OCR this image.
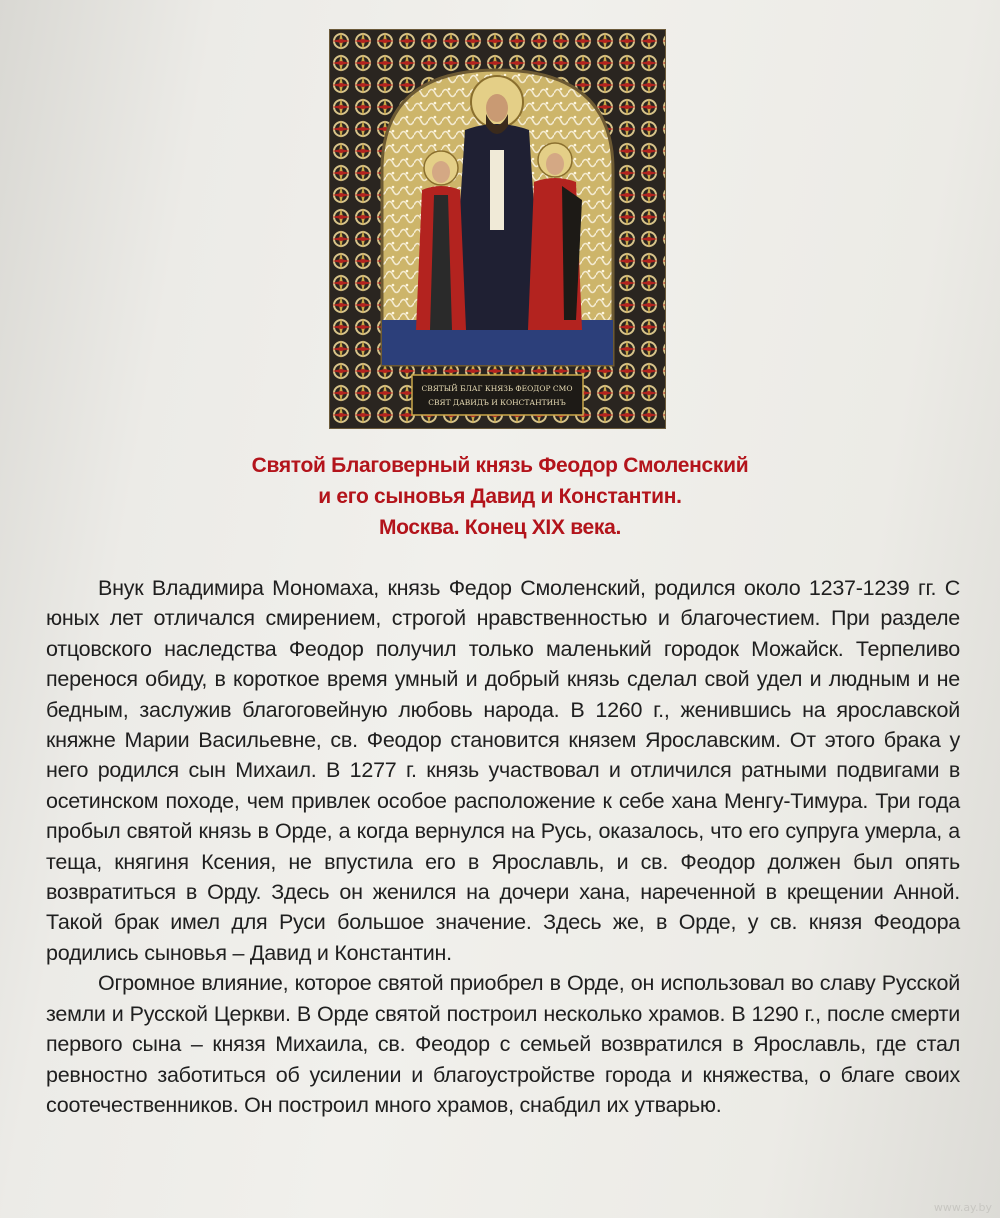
СВЯТЫЙ БЛАГ КНЯЗЬ ФЕОДОР СМО
СВЯТ ДАВИДЪ И КОНСТАНТИНЪ
Святой Благоверный князь Феодор Смоленский
и его сыновья Давид и Константин.
Москва. Конец XIX века.

Внук Владимира Мономаха, князь Федор Смоленский, родился около 1237-1239 гг. С юных лет отличался смирением, строгой нравственностью и благочестием. При разделе отцовского наследства Феодор получил только маленький городок Можайск. Терпеливо перенося обиду, в короткое время умный и добрый князь сделал свой удел и людным и не бедным, заслужив благоговейную любовь народа. В 1260 г., женившись на ярославской княжне Марии Васильевне, св. Феодор становится князем Ярославским. От этого брака у него родился сын Михаил. В 1277 г. князь участвовал и отличился ратными подвигами в осетинском походе, чем привлек особое расположение к себе хана Менгу-Тимура. Три года пробыл святой князь в Орде, а когда вернулся на Русь, оказалось, что его супруга умерла, а теща, княгиня Ксения, не впустила его в Ярославль, и св. Феодор должен был опять возвратиться в Орду. Здесь он женился на дочери хана, нареченной в крещении Анной. Такой брак имел для Руси большое значение. Здесь же, в Орде, у св. князя Феодора родились сыновья – Давид и Константин.

Огромное влияние, которое святой приобрел в Орде, он использовал во славу Русской земли и Русской Церкви. В Орде святой построил несколько храмов. В 1290 г., после смерти первого сына – князя Михаила, св. Феодор с семьей возвратился в Ярославль, где стал ревностно заботиться об усилении и благоустройстве города и княжества, о благе своих соотечественников. Он построил много храмов, снабдил их утварью.

www.ay.by
